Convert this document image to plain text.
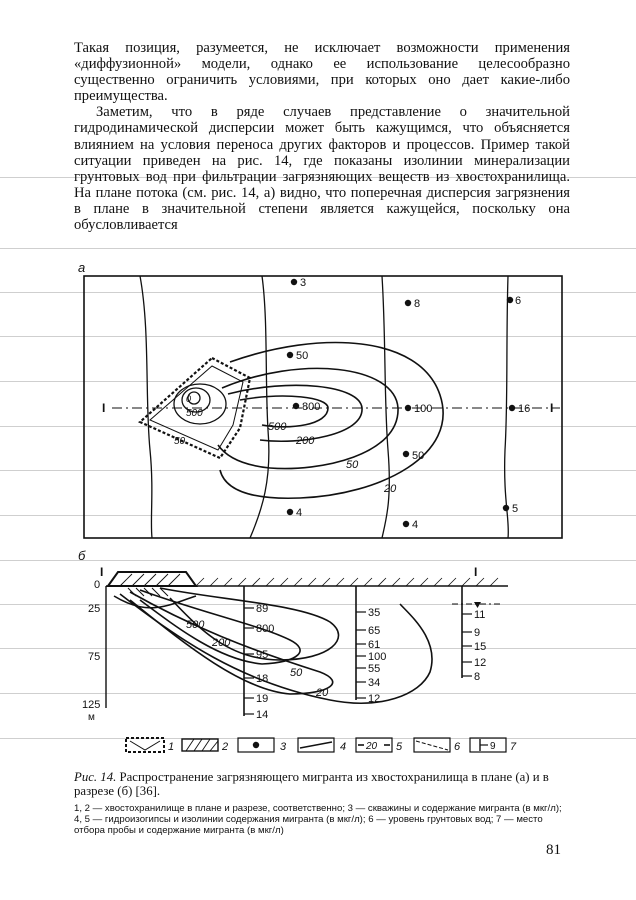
Такая позиция, разумеется, не исключает возможности применения «диффузионной» модели, однако ее использование целесообразно существенно ограничить условиями, при которых оно дает какие-либо преимущества.

Заметим, что в ряде случаев представление о значительной гидродинамической дисперсии может быть кажущимся, что объясняется влиянием на условия переноса других факторов и процессов. Пример такой ситуации приведен на рис. 14, где показаны изолинии минерализации грунтовых вод при фильтрации загрязняющих веществ из хвостохранилища. На плане потока (см. рис. 14, а) видно, что поперечная дисперсия загрязнения в плане в значительной степени является кажущейся, поскольку она обусловливается

а
I	I
3
8	6
50
800	100	16
50
4
4
5
500
200
50
20
500
50
0
б
I	I
0
25
75
125
м
89
800
95
18
19
14
35
65
61
100
55
34
12
11
9
15
12
8
500
200
50
20
1	2	3	4 20 5	6	9 7
Рис. 14. Распространение загрязняющего мигранта из хвостохранилища в плане (а) и в разрезе (б) [36].
1, 2 — хвостохранилище в плане и разрезе, соответственно; 3 — скважины и содержание мигранта (в мкг/л); 4, 5 — гидроизогипсы и изолинии содержания мигранта (в мкг/л); 6 — уровень грунтовых вод; 7 — место отбора пробы и содержание мигранта (в мкг/л)
81
